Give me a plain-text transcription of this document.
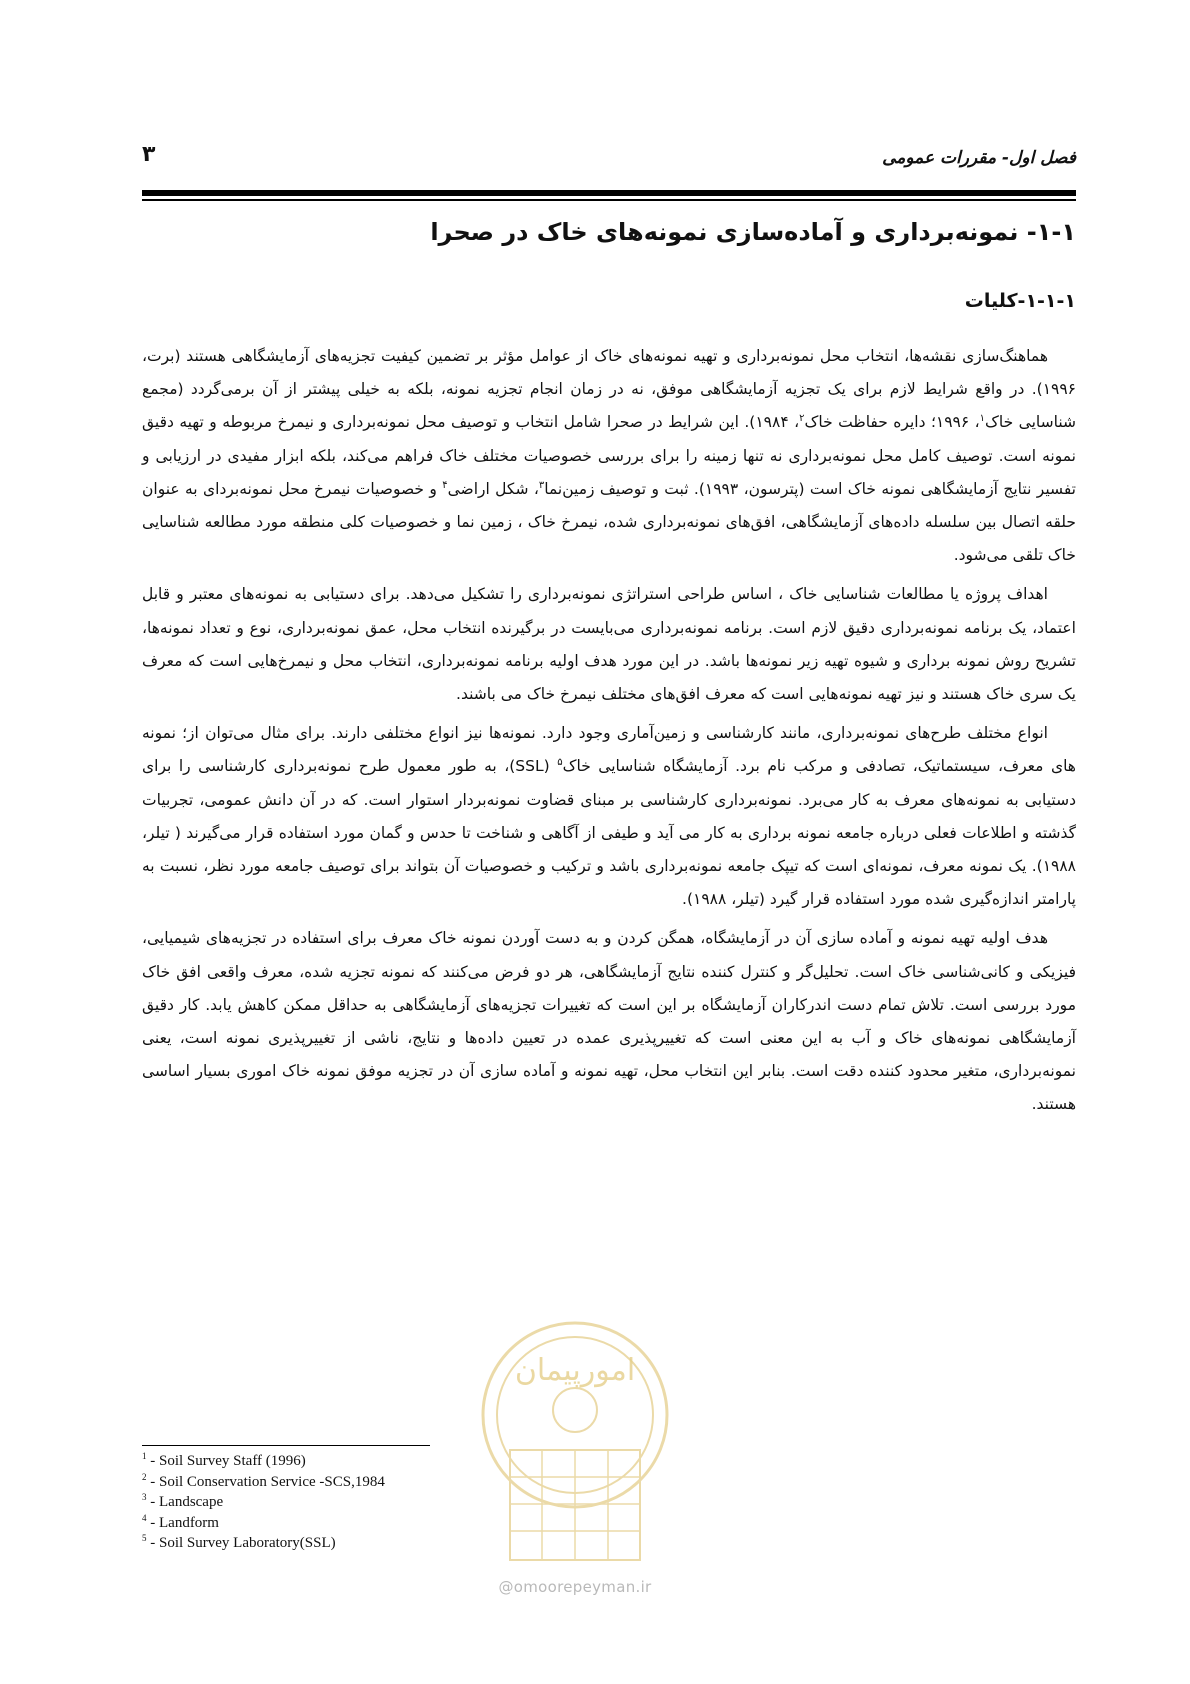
۳	فصل اول- مقررات عمومی
۱-۱- نمونه‌برداری و آماده‌سازی نمونه‌های خاک در صحرا
۱-۱-۱-کلیات

هماهنگ‌سازی نقشه‌ها، انتخاب محل نمونه‌برداری و تهیه نمونه‌های خاک از عوامل مؤثر بر تضمین کیفیت تجزیه‌های آزمایشگاهی هستند (برت، ۱۹۹۶). در واقع شرایط لازم برای یک تجزیه آزمایشگاهی موفق، نه در زمان انجام تجزیه نمونه، بلکه به خیلی پیشتر از آن برمی‌گردد (مجمع شناسایی خاک$^۱$، ۱۹۹۶؛ دایره حفاظت خاک$^۲$، ۱۹۸۴). این شرایط در صحرا شامل انتخاب و توصیف محل نمونه‌برداری و نیمرخ مربوطه و تهیه دقیق نمونه است. توصیف کامل محل نمونه‌برداری نه تنها زمینه را برای بررسی خصوصیات مختلف خاک فراهم می‌کند، بلکه ابزار مفیدی در ارزیابی و تفسیر نتایج آزمایشگاهی نمونه خاک است (پترسون، ۱۹۹۳). ثبت و توصیف زمین‌نما$^۳$، شکل اراضی$^۴$ و خصوصیات نیمرخ محل نمونه‌بردای به عنوان حلقه اتصال بین سلسله داده‌های آزمایشگاهی، افق‌های نمونه‌برداری شده، نیمرخ خاک ، زمین نما و خصوصیات کلی منطقه مورد مطالعه شناسایی خاک تلقی می‌شود.

اهداف پروژه یا مطالعات شناسایی خاک ، اساس طراحی استراتژی نمونه‌برداری را تشکیل می‌دهد. برای دستیابی به نمونه‌های معتبر و قابل اعتماد، یک برنامه نمونه‌برداری دقیق لازم است. برنامه نمونه‌برداری می‌بایست در برگیرنده انتخاب محل، عمق نمونه‌برداری، نوع و تعداد نمونه‌ها، تشریح روش نمونه برداری و شیوه تهیه زیر نمونه‌ها باشد. در این مورد هدف اولیه برنامه نمونه‌برداری، انتخاب محل و نیمرخ‌هایی است که معرف یک سری خاک هستند و نیز تهیه نمونه‌هایی است که معرف افق‌های مختلف نیمرخ خاک می باشند.

انواع مختلف طرح‌های نمونه‌برداری، مانند کارشناسی و زمین‌آماری وجود دارد. نمونه‌ها نیز انواع مختلفی دارند. برای مثال می‌توان از؛ نمونه های معرف، سیستماتیک، تصادفی و مرکب نام برد. آزمایشگاه شناسایی خاک$^۵$ (SSL)، به طور معمول طرح نمونه‌برداری کارشناسی را برای دستیابی به نمونه‌های معرف به کار می‌برد. نمونه‌برداری کارشناسی بر مبنای قضاوت نمونه‌بردار استوار است. که در آن دانش عمومی، تجربیات گذشته و اطلاعات فعلی درباره جامعه نمونه برداری به کار می آید و طیفی از آگاهی و شناخت تا حدس و گمان مورد استفاده قرار می‌گیرند ( تیلر، ۱۹۸۸). یک نمونه معرف، نمونه‌ای است که تیپک جامعه نمونه‌برداری باشد و ترکیب و خصوصیات آن بتواند برای توصیف جامعه مورد نظر، نسبت به پارامتر اندازه‌گیری شده مورد استفاده قرار گیرد (تیلر، ۱۹۸۸).

هدف اولیه تهیه نمونه و آماده سازی آن در آزمایشگاه، همگن کردن و به دست آوردن نمونه خاک معرف برای استفاده در تجزیه‌های شیمیایی، فیزیکی و کانی‌شناسی خاک است. تحلیل‌گر و کنترل کننده نتایج آزمایشگاهی، هر دو فرض می‌کنند که نمونه تجزیه شده، معرف واقعی افق خاک مورد بررسی است. تلاش تمام دست اندرکاران آزمایشگاه بر این است که تغییرات تجزیه‌های آزمایشگاهی به حداقل ممکن کاهش یابد. کار دقیق آزمایشگاهی نمونه‌های خاک و آب به این معنی است که تغییرپذیری عمده در تعیین داده‌ها و نتایج، ناشی از تغییرپذیری نمونه است، یعنی نمونه‌برداری، متغیر محدود کننده دقت است. بنابر این انتخاب محل، تهیه نمونه و آماده سازی آن در تجزیه موفق نمونه خاک اموری بسیار اساسی هستند.

امورپیمان
@omoorepeyman.ir
$^1$ - Soil Survey Staff (1996)
$^2$ - Soil Conservation Service -SCS,1984
$^3$ - Landscape
$^4$ - Landform
$^5$ - Soil Survey Laboratory(SSL)
